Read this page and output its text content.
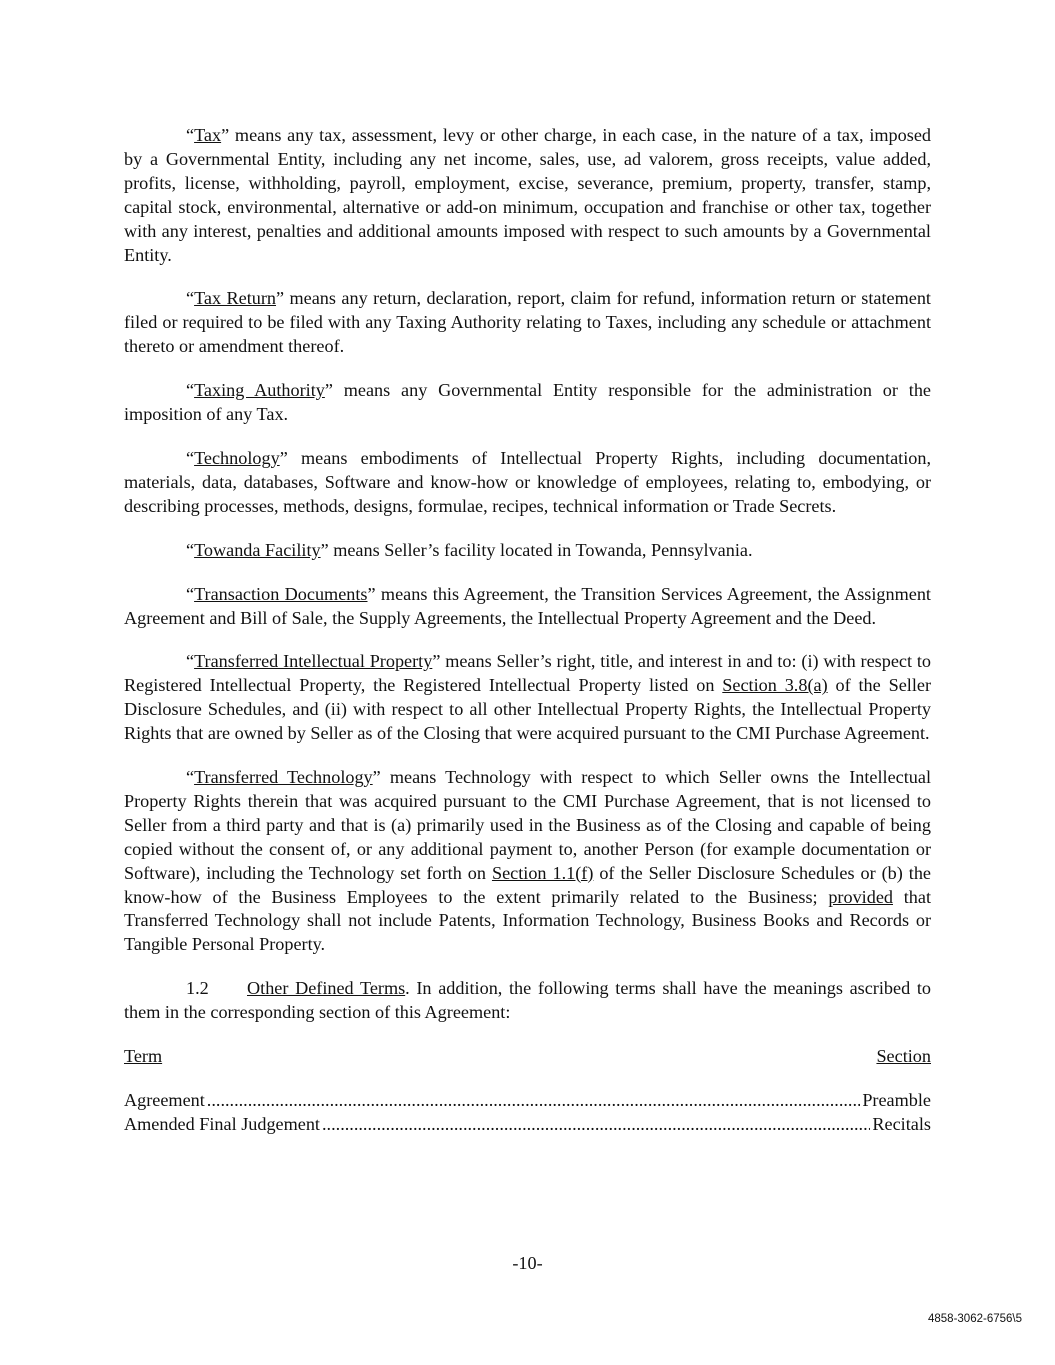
“Tax” means any tax, assessment, levy or other charge, in each case, in the nature of a tax, imposed by a Governmental Entity, including any net income, sales, use, ad valorem, gross receipts, value added, profits, license, withholding, payroll, employment, excise, severance, premium, property, transfer, stamp, capital stock, environmental, alternative or add-on minimum, occupation and franchise or other tax, together with any interest, penalties and additional amounts imposed with respect to such amounts by a Governmental Entity.

“Tax Return” means any return, declaration, report, claim for refund, information return or statement filed or required to be filed with any Taxing Authority relating to Taxes, including any schedule or attachment thereto or amendment thereof.

“Taxing Authority” means any Governmental Entity responsible for the administration or the imposition of any Tax.

“Technology” means embodiments of Intellectual Property Rights, including documentation, materials, data, databases, Software and know-how or knowledge of employees, relating to, embodying, or describing processes, methods, designs, formulae, recipes, technical information or Trade Secrets.

“Towanda Facility” means Seller’s facility located in Towanda, Pennsylvania.

“Transaction Documents” means this Agreement, the Transition Services Agreement, the Assignment Agreement and Bill of Sale, the Supply Agreements, the Intellectual Property Agreement and the Deed.

“Transferred Intellectual Property” means Seller’s right, title, and interest in and to: (i) with respect to Registered Intellectual Property, the Registered Intellectual Property listed on Section 3.8(a) of the Seller Disclosure Schedules, and (ii) with respect to all other Intellectual Property Rights, the Intellectual Property Rights that are owned by Seller as of the Closing that were acquired pursuant to the CMI Purchase Agreement.

“Transferred Technology” means Technology with respect to which Seller owns the Intellectual Property Rights therein that was acquired pursuant to the CMI Purchase Agreement, that is not licensed to Seller from a third party and that is (a) primarily used in the Business as of the Closing and capable of being copied without the consent of, or any additional payment to, another Person (for example documentation or Software), including the Technology set forth on Section 1.1(f) of the Seller Disclosure Schedules or (b) the know-how of the Business Employees to the extent primarily related to the Business; provided that Transferred Technology shall not include Patents, Information Technology, Business Books and Records or Tangible Personal Property.

1.2 Other Defined Terms. In addition, the following terms shall have the meanings ascribed to them in the corresponding section of this Agreement:

Term	Section
Agreement .....	Preamble
Amended Final Judgement .....	Recitals
-10-
4858-3062-6756\5
